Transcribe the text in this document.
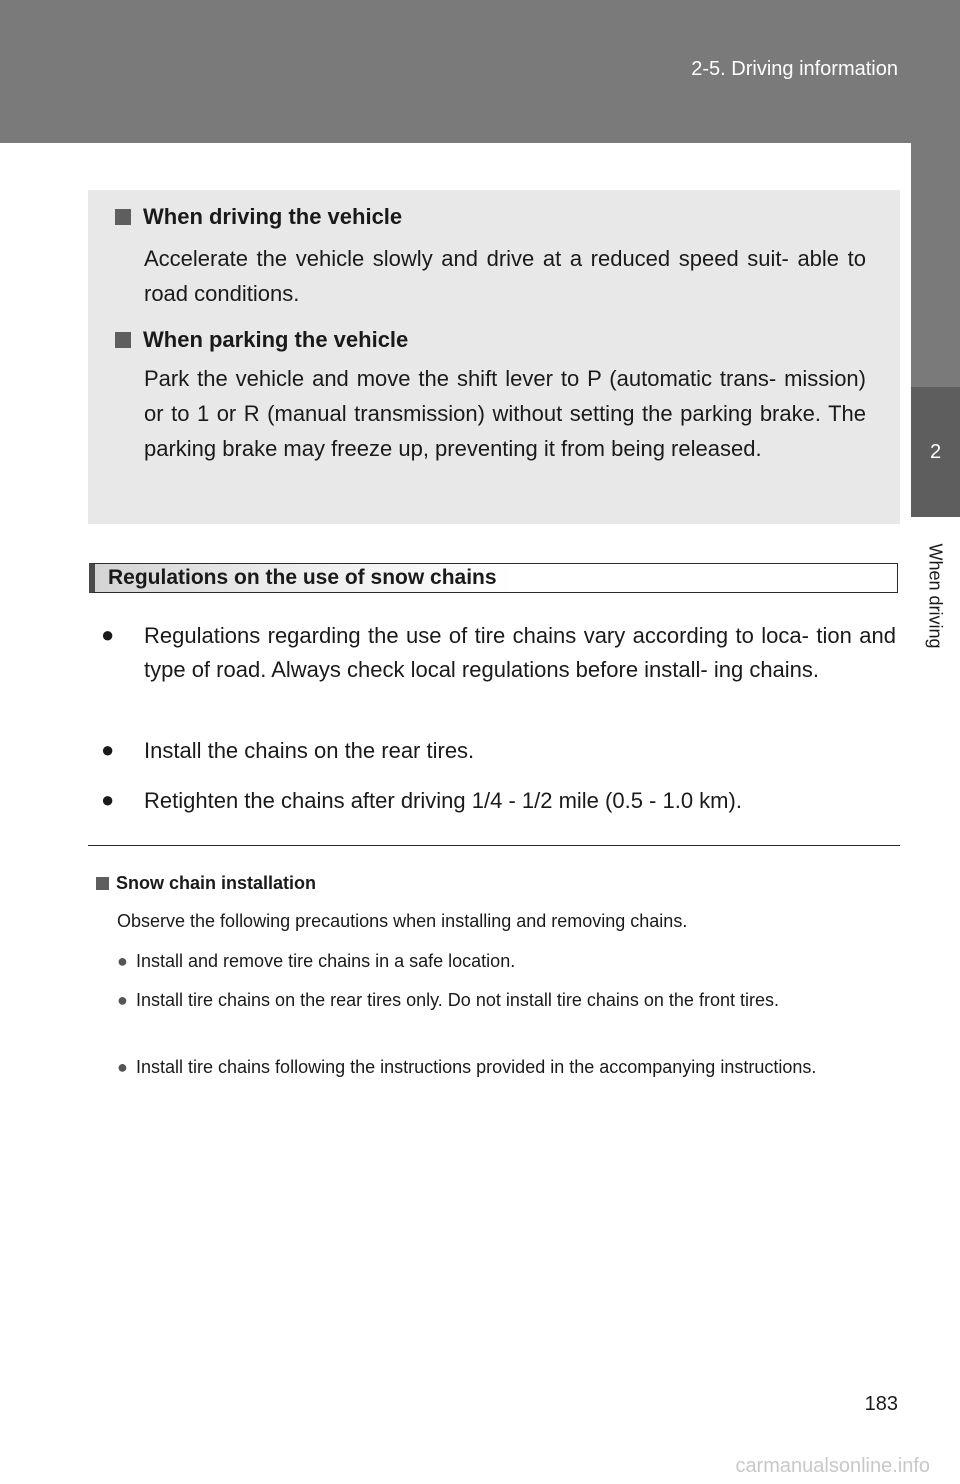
2-5. Driving information
2
When driving
When driving the vehicle
Accelerate the vehicle slowly and drive at a reduced speed suit- able to road conditions.
When parking the vehicle
Park the vehicle and move the shift lever to P (automatic trans- mission) or to 1 or R (manual transmission) without setting the parking brake. The parking brake may freeze up, preventing it from being released.
Regulations on the use of snow chains
● Regulations regarding the use of tire chains vary according to loca- tion and type of road. Always check local regulations before install- ing chains.
● Install the chains on the rear tires.
● Retighten the chains after driving 1/4 - 1/2 mile (0.5 - 1.0 km).
Snow chain installation
Observe the following precautions when installing and removing chains.
● Install and remove tire chains in a safe location.
● Install tire chains on the rear tires only. Do not install tire chains on the front tires.
● Install tire chains following the instructions provided in the accompanying instructions.
183
carmanualsonline.info
